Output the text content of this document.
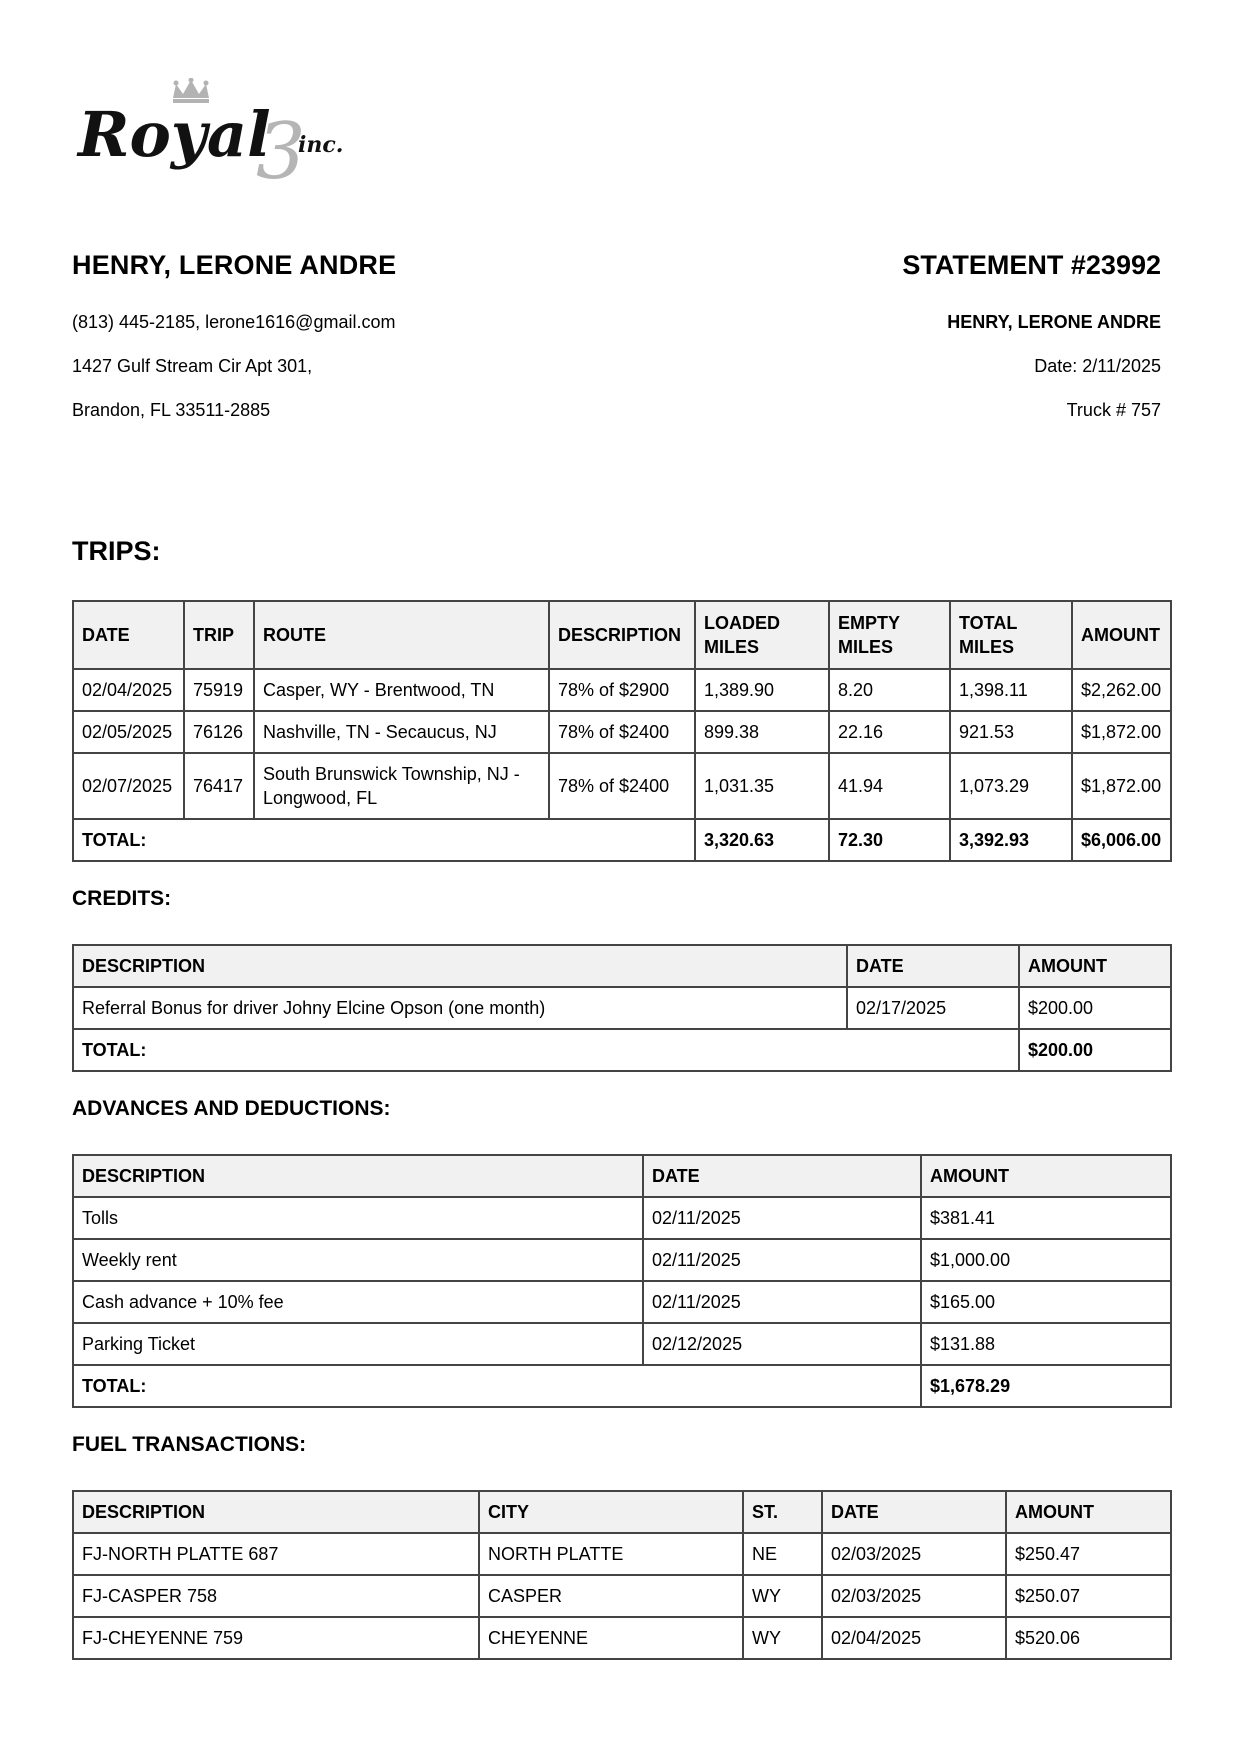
Royal
3
inc.
HENRY, LERONE ANDRE
(813) 445-2185, lerone1616@gmail.com
1427 Gulf Stream Cir Apt 301,
Brandon, FL 33511-2885
STATEMENT #23992
HENRY, LERONE ANDRE
Date: 2/11/2025
Truck # 757
TRIPS:
DATE	TRIP	ROUTE	DESCRIPTION	LOADED MILES	EMPTY MILES	TOTAL MILES	AMOUNT
02/04/2025	75919	Casper, WY - Brentwood, TN	78% of $2900	1,389.90	8.20	1,398.11	$2,262.00
02/05/2025	76126	Nashville, TN - Secaucus, NJ	78% of $2400	899.38	22.16	921.53	$1,872.00
02/07/2025	76417	South Brunswick Township, NJ - Longwood, FL	78% of $2400	1,031.35	41.94	1,073.29	$1,872.00
TOTAL:				3,320.63	72.30	3,392.93	$6,006.00
CREDITS:
DESCRIPTION	DATE	AMOUNT
Referral Bonus for driver Johny Elcine Opson (one month)	02/17/2025	$200.00
TOTAL:		$200.00
ADVANCES AND DEDUCTIONS:
DESCRIPTION	DATE	AMOUNT
Tolls	02/11/2025	$381.41
Weekly rent	02/11/2025	$1,000.00
Cash advance + 10% fee	02/11/2025	$165.00
Parking Ticket	02/12/2025	$131.88
TOTAL:		$1,678.29
FUEL TRANSACTIONS:
DESCRIPTION	CITY	ST.	DATE	AMOUNT
FJ-NORTH PLATTE 687	NORTH PLATTE	NE	02/03/2025	$250.47
FJ-CASPER 758	CASPER	WY	02/03/2025	$250.07
FJ-CHEYENNE 759	CHEYENNE	WY	02/04/2025	$520.06
